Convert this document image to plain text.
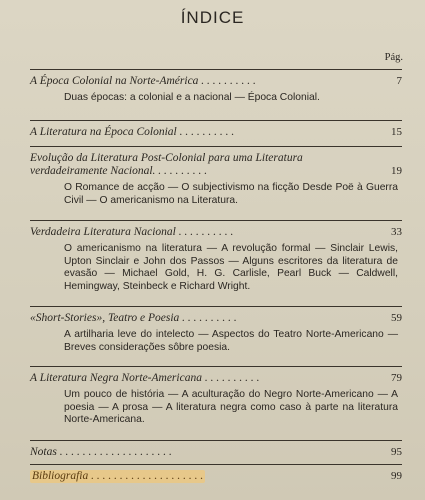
ÍNDICE
Pág.
A Época Colonial na Norte-América . . . . . . . . . .	7
Duas épocas: a colonial e a nacional — Época Colonial.
A Literatura na Época Colonial . . . . . . . . . .	15
Evolução da Literatura Post-Colonial para uma Literatura verdadeiramente Nacional. . . . . . . . . .	19
O Romance de acção — O subjectivismo na ficção Desde Poë à Guerra Civil — O americanismo na Literatura.
Verdadeira Literatura Nacional . . . . . . . . . .	33
O americanismo na literatura — A revolução formal — Sinclair Lewis, Upton Sinclair e John dos Passos — Alguns escritores da literatura de evasão — Michael Gold, H. G. Carlisle, Pearl Buck — Caldwell, Hemingway, Steinbeck e Richard Wright.
«Short-Stories», Teatro e Poesia . . . . . . . . . .	59
A artilharia leve do intelecto — Aspectos do Teatro Norte-Americano — Breves considerações sôbre poesia.
A Literatura Negra Norte-Americana . . . . . . . . . .	79
Um pouco de história — A aculturação do Negro Norte-Americano — A poesia — A prosa — A literatura negra como caso à parte na literatura Norte-Americana.
Notas . . . . . . . . . . . . . . . . . . . .	95
Bibliografia . . . . . . . . . . . . . . . . . . . .	99
